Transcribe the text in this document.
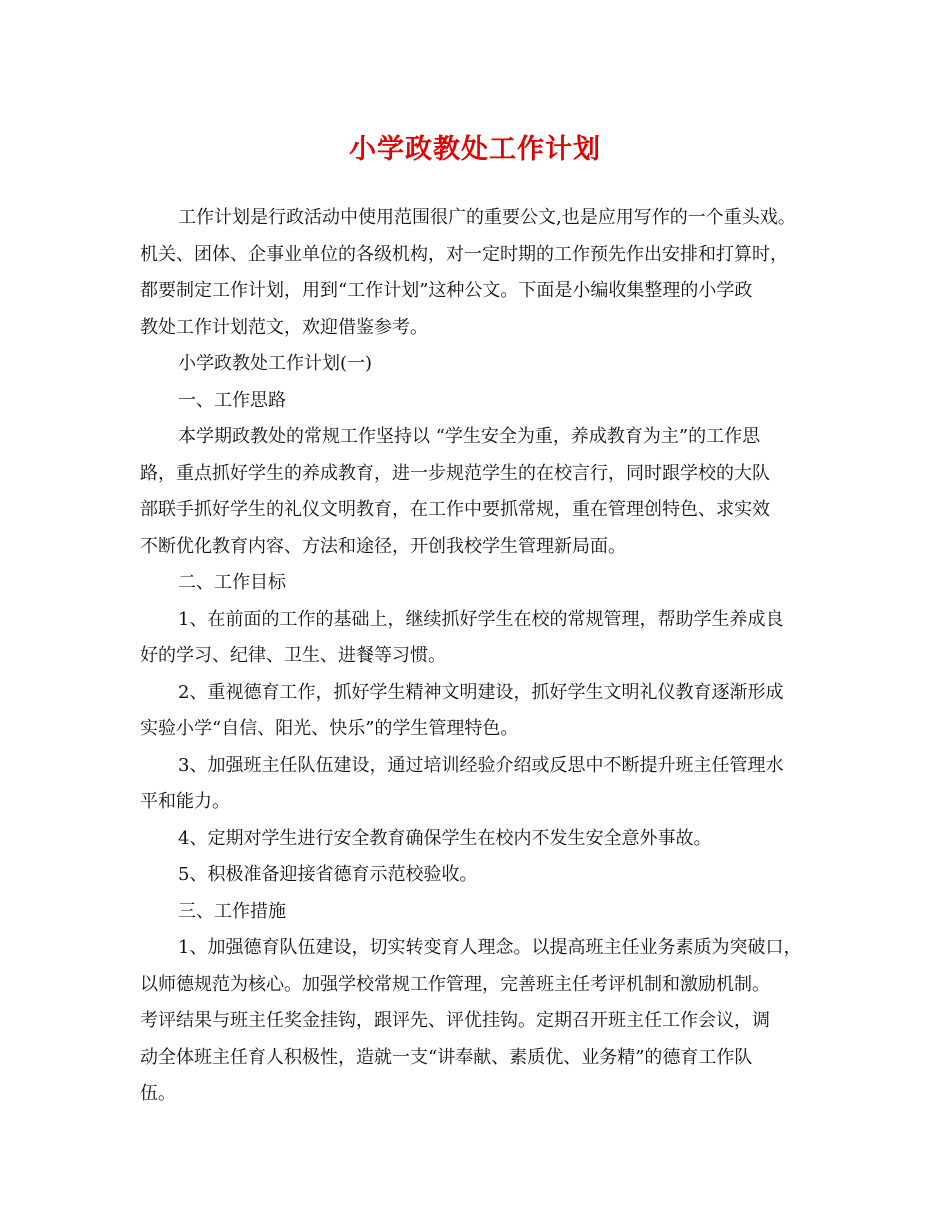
小学政教处工作计划
工作计划是行政活动中使用范围很广的重要公文,也是应用写作的一个重头戏。
机关、团体、企事业单位的各级机构，对一定时期的工作预先作出安排和打算时，
都要制定工作计划，用到“工作计划”这种公文。下面是小编收集整理的小学政
教处工作计划范文，欢迎借鉴参考。
小学政教处工作计划(一)
一、工作思路
本学期政教处的常规工作坚持以 “学生安全为重，养成教育为主”的工作思
路，重点抓好学生的养成教育，进一步规范学生的在校言行，同时跟学校的大队
部联手抓好学生的礼仪文明教育，在工作中要抓常规，重在管理创特色、求实效
不断优化教育内容、方法和途径，开创我校学生管理新局面。
二、工作目标
1、在前面的工作的基础上，继续抓好学生在校的常规管理，帮助学生养成良
好的学习、纪律、卫生、进餐等习惯。
2、重视德育工作，抓好学生精神文明建设，抓好学生文明礼仪教育逐渐形成
实验小学“自信、阳光、快乐”的学生管理特色。
3、加强班主任队伍建设，通过培训经验介绍或反思中不断提升班主任管理水
平和能力。
4、定期对学生进行安全教育确保学生在校内不发生安全意外事故。
5、积极准备迎接省德育示范校验收。
三、工作措施
1、加强德育队伍建设，切实转变育人理念。以提高班主任业务素质为突破口，
以师德规范为核心。加强学校常规工作管理，完善班主任考评机制和激励机制。
考评结果与班主任奖金挂钩，跟评先、评优挂钩。定期召开班主任工作会议，调
动全体班主任育人积极性，造就一支“讲奉献、素质优、业务精”的德育工作队
伍。
